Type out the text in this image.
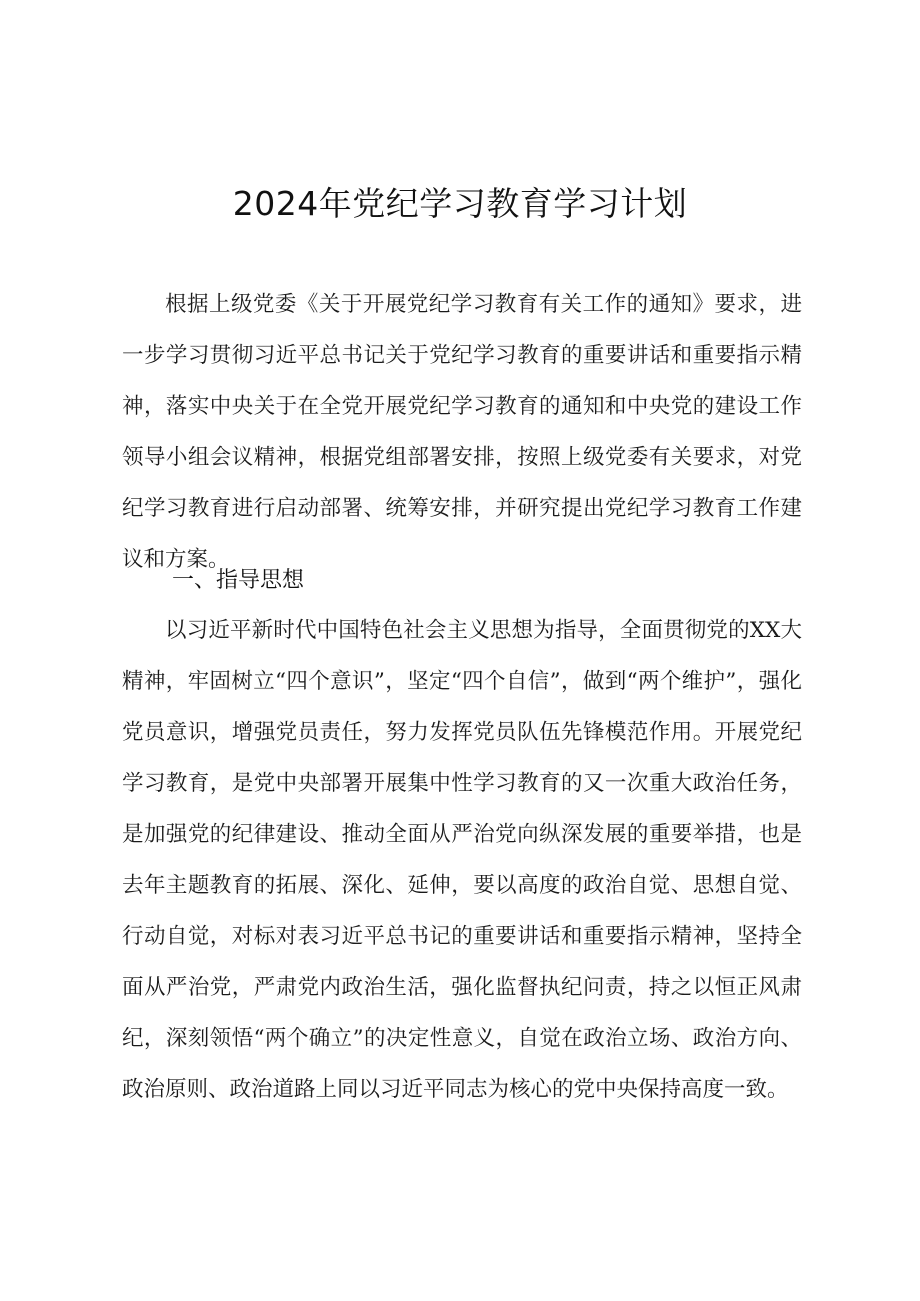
2024年党纪学习教育学习计划

根据上级党委《关于开展党纪学习教育有关工作的通知》要求，进一步学习贯彻习近平总书记关于党纪学习教育的重要讲话和重要指示精神，落实中央关于在全党开展党纪学习教育的通知和中央党的建设工作领导小组会议精神，根据党组部署安排，按照上级党委有关要求，对党纪学习教育进行启动部署、统筹安排，并研究提出党纪学习教育工作建议和方案。

一、指导思想

以习近平新时代中国特色社会主义思想为指导，全面贯彻党的XX大精神，牢固树立“四个意识”，坚定“四个自信”，做到“两个维护”，强化党员意识，增强党员责任，努力发挥党员队伍先锋模范作用。开展党纪学习教育，是党中央部署开展集中性学习教育的又一次重大政治任务，是加强党的纪律建设、推动全面从严治党向纵深发展的重要举措，也是去年主题教育的拓展、深化、延伸，要以高度的政治自觉、思想自觉、行动自觉，对标对表习近平总书记的重要讲话和重要指示精神，坚持全面从严治党，严肃党内政治生活，强化监督执纪问责，持之以恒正风肃纪，深刻领悟“两个确立”的决定性意义，自觉在政治立场、政治方向、政治原则、政治道路上同以习近平同志为核心的党中央保持高度一致。
